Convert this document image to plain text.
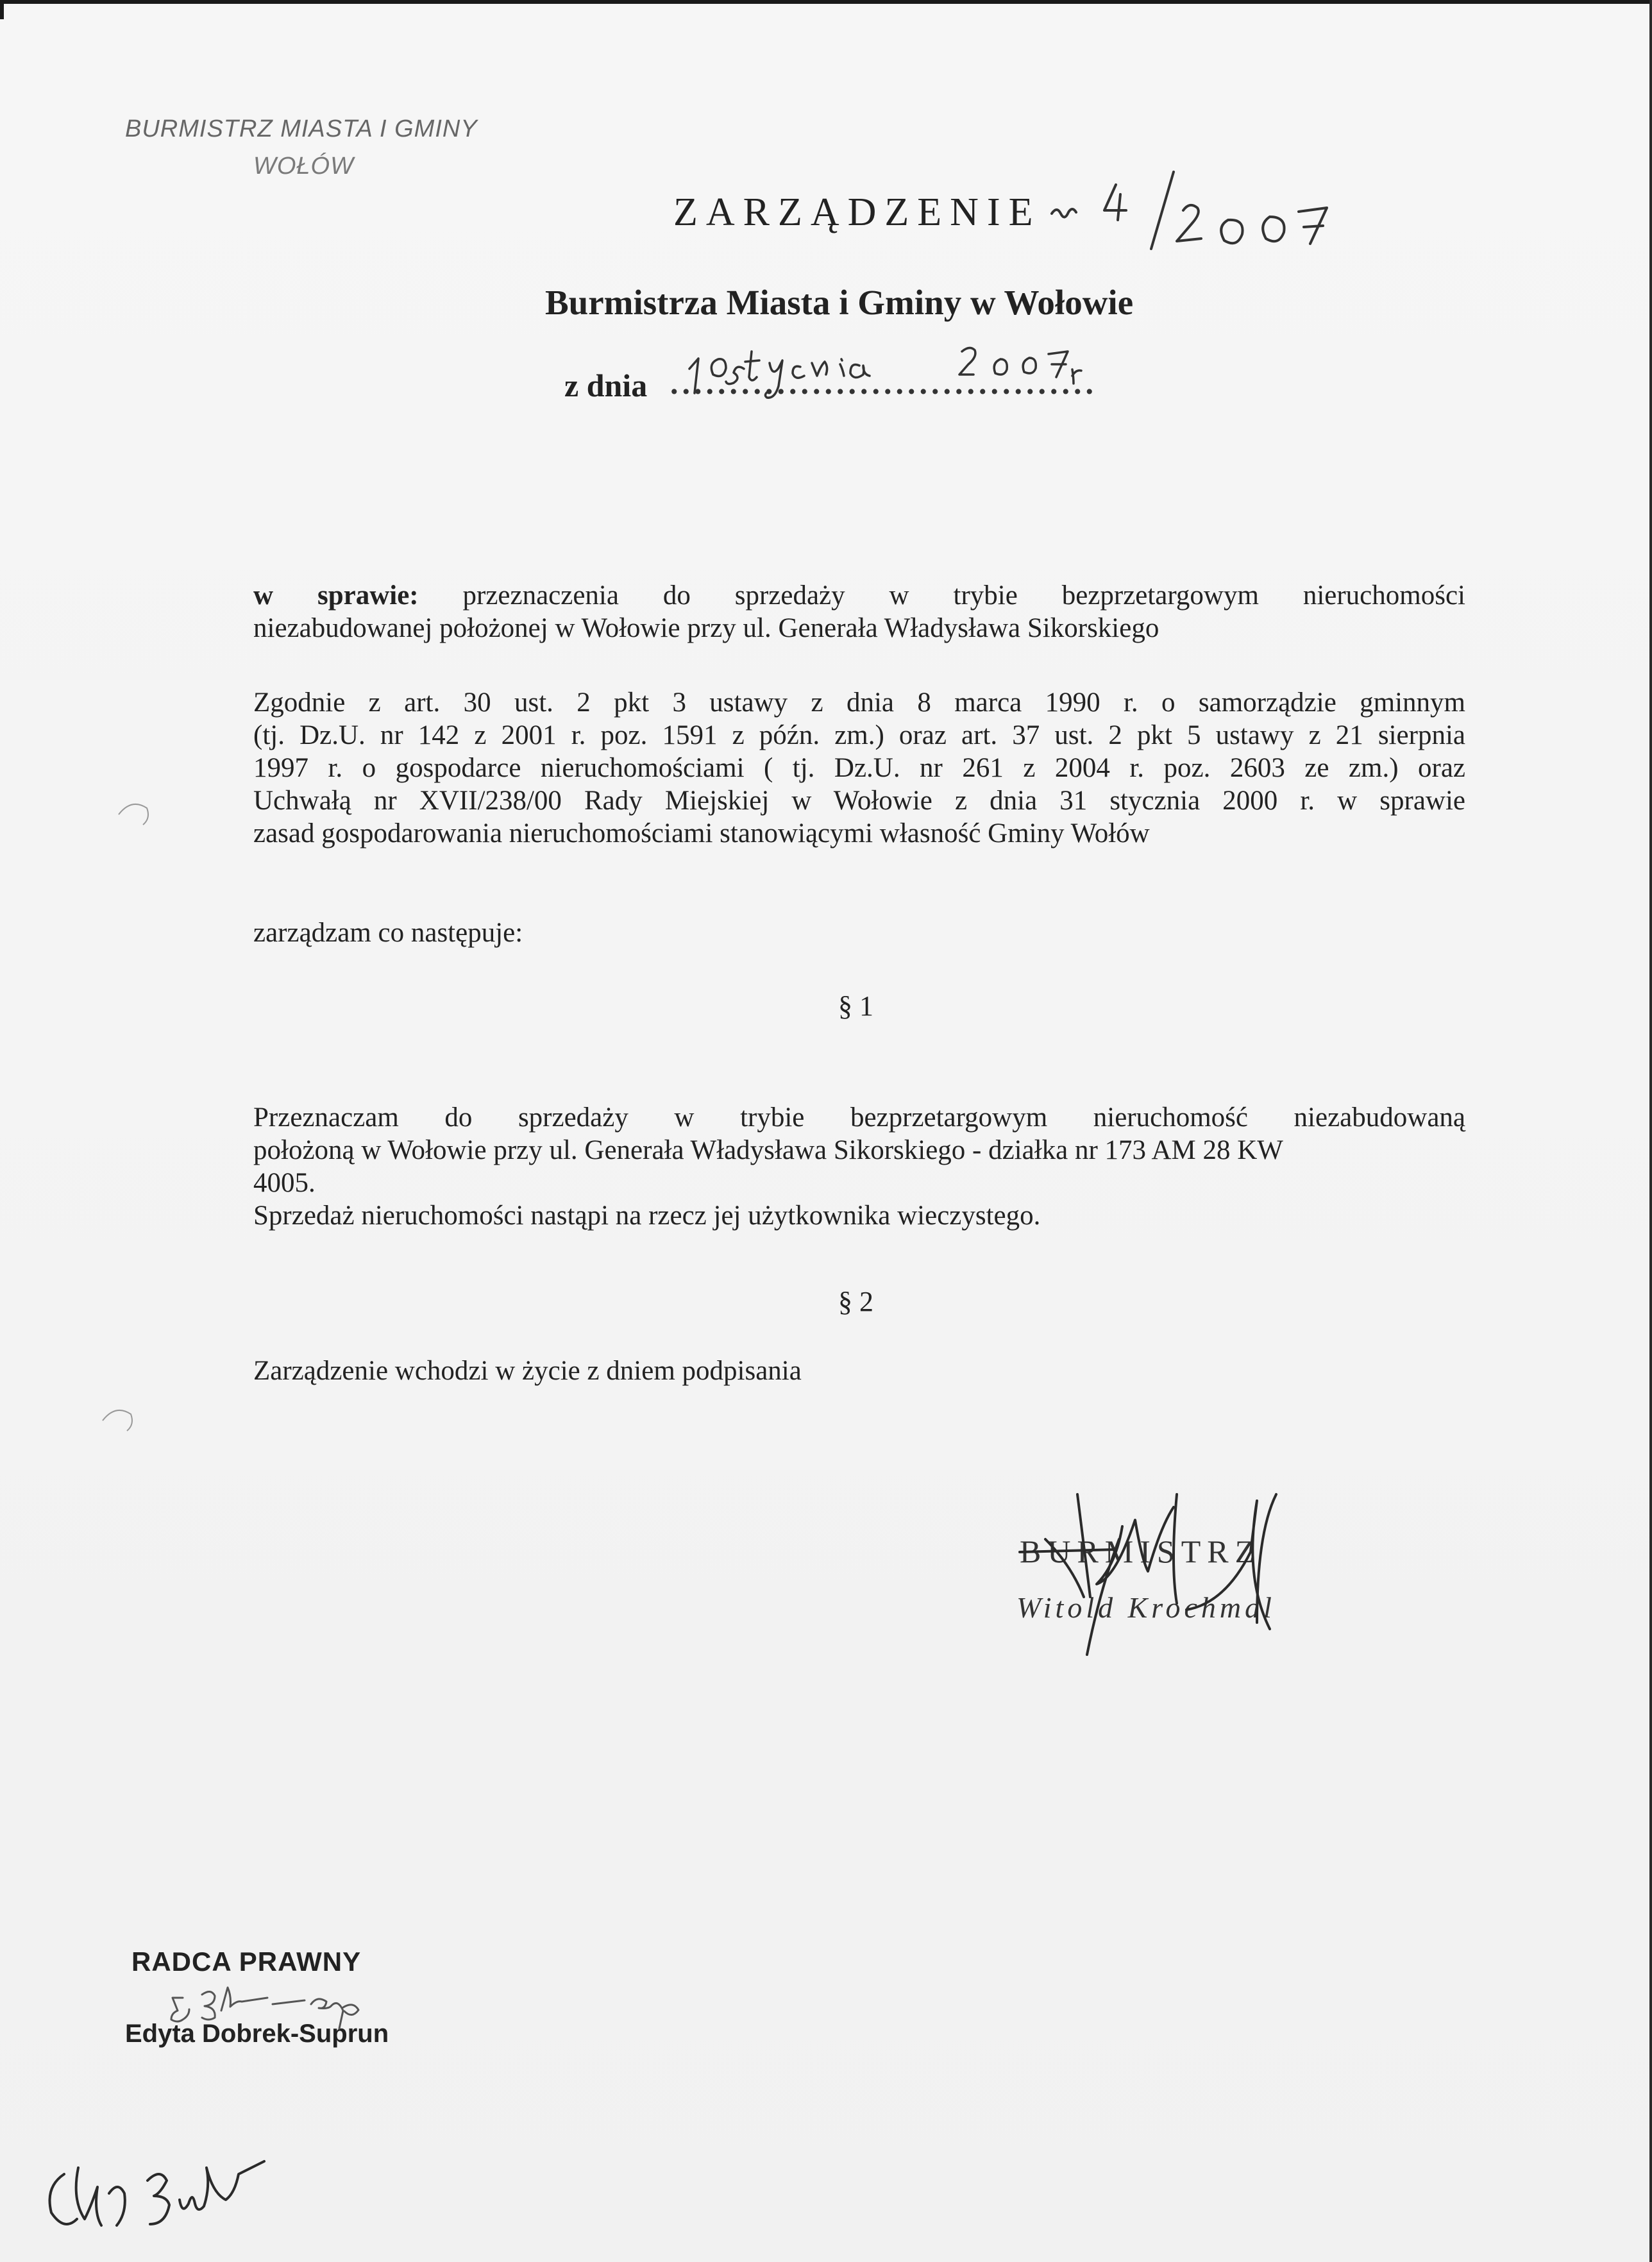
BURMISTRZ MIASTA I GMINY
WOŁÓW
ZARZĄDZENIE
Burmistrza Miasta i Gminy w Wołowie
z dnia ....................................
w sprawie: przeznaczenia do sprzedaży w trybie bezprzetargowym nieruchomości
niezabudowanej położonej w Wołowie przy ul. Generała Władysława Sikorskiego
Zgodnie z art. 30 ust. 2 pkt 3 ustawy z dnia 8 marca 1990 r. o samorządzie gminnym
(tj. Dz.U. nr 142 z 2001 r. poz. 1591 z późn. zm.) oraz art. 37 ust. 2 pkt 5 ustawy z 21 sierpnia
1997 r. o gospodarce nieruchomościami ( tj. Dz.U. nr 261 z 2004 r. poz. 2603 ze zm.) oraz
Uchwałą nr XVII/238/00 Rady Miejskiej w Wołowie z dnia 31 stycznia 2000 r. w sprawie
zasad gospodarowania nieruchomościami stanowiącymi własność Gminy Wołów
zarządzam co następuje:
§ 1
Przeznaczam do sprzedaży w trybie bezprzetargowym nieruchomość niezabudowaną
położoną w Wołowie przy ul. Generała Władysława Sikorskiego - działka nr 173 AM 28 KW
4005.
Sprzedaż nieruchomości nastąpi na rzecz jej użytkownika wieczystego.
§ 2
Zarządzenie wchodzi w życie z dniem podpisania
BURMISTRZ
Witold Krochmal
RADCA PRAWNY
Edyta Dobrek-Suprun
